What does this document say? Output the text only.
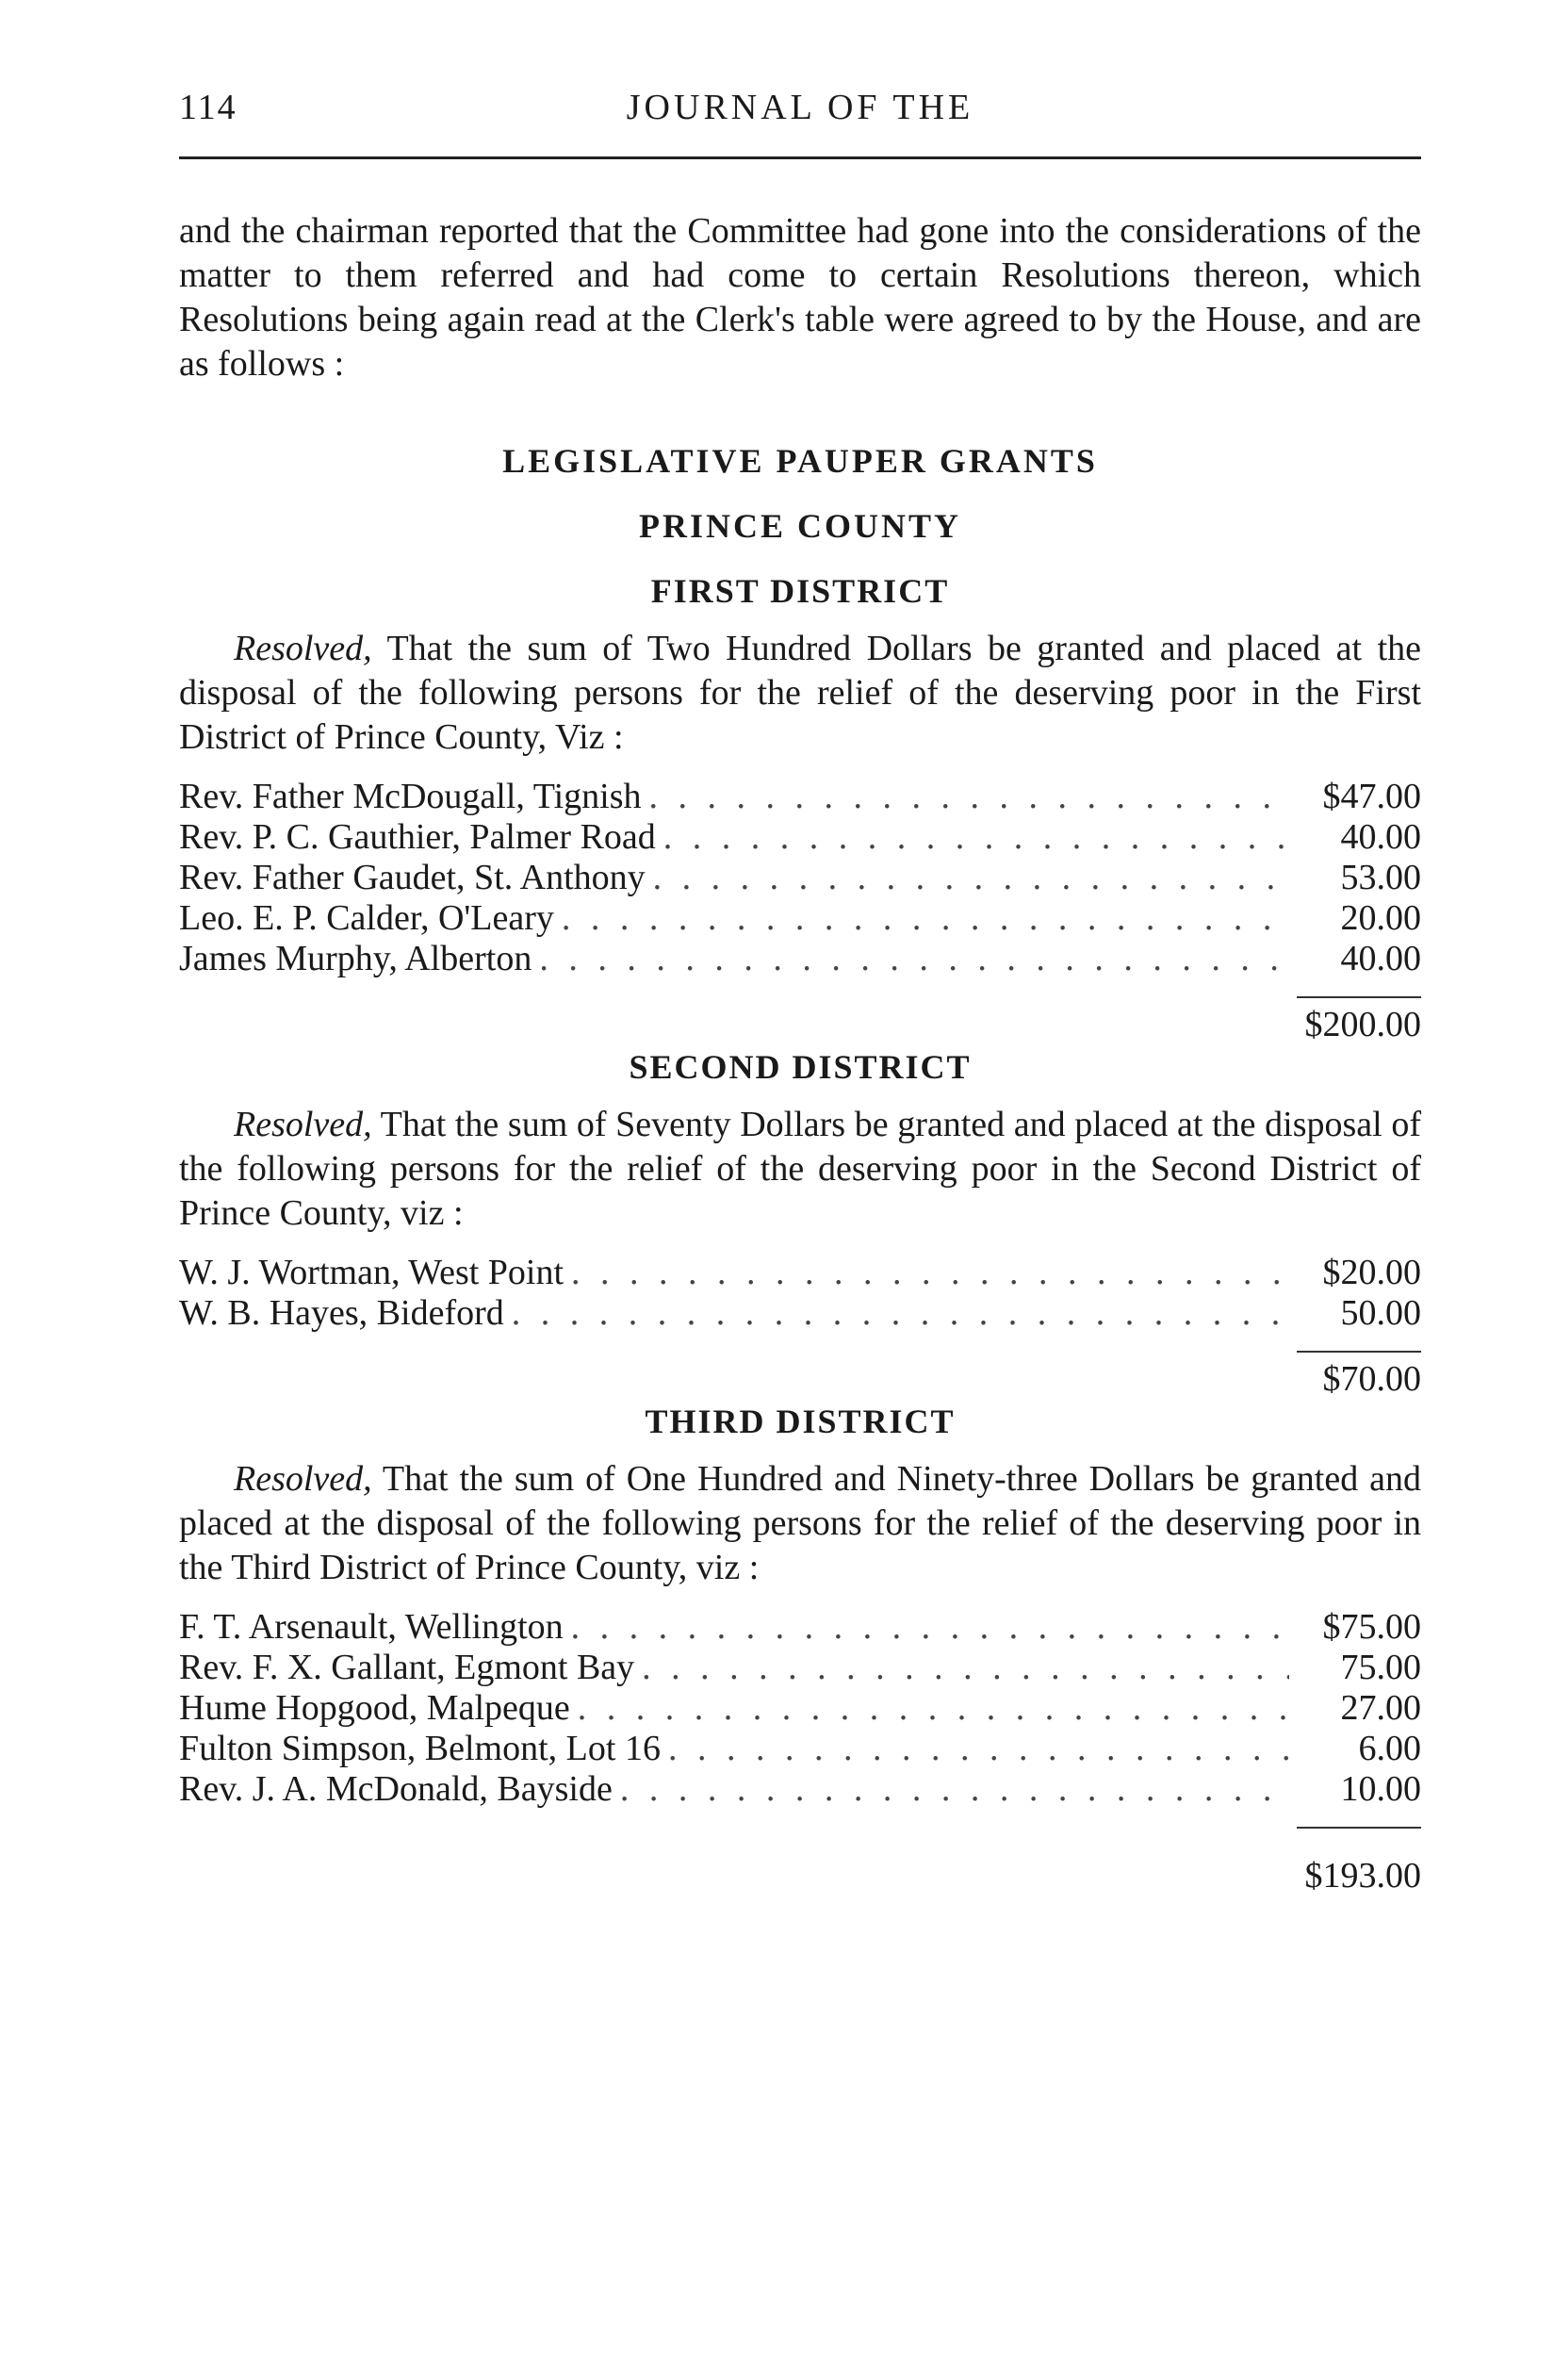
114	JOURNAL OF THE

and the chairman reported that the Committee had gone into the considerations of the matter to them referred and had come to certain Resolutions thereon, which Resolutions being again read at the Clerk's table were agreed to by the House, and are as follows :

LEGISLATIVE PAUPER GRANTS
PRINCE COUNTY
FIRST DISTRICT

Resolved, That the sum of Two Hundred Dollars be granted and placed at the disposal of the following persons for the relief of the deserving poor in the First District of Prince County, Viz :

Rev. Father McDougall, Tignish . . .	$47.00
Rev. P. C. Gauthier, Palmer Road . . .	40.00
Rev. Father Gaudet, St. Anthony . . .	53.00
Leo. E. P. Calder, O'Leary . . .	20.00
James Murphy, Alberton . . .	40.00
$200.00
SECOND DISTRICT

Resolved, That the sum of Seventy Dollars be granted and placed at the disposal of the following persons for the relief of the deserving poor in the Second District of Prince County, viz :

W. J. Wortman, West Point . . .	$20.00
W. B. Hayes, Bideford . . .	50.00
$70.00
THIRD DISTRICT

Resolved, That the sum of One Hundred and Ninety-three Dollars be granted and placed at the disposal of the following persons for the relief of the deserving poor in the Third District of Prince County, viz :

F. T. Arsenault, Wellington . . .	$75.00
Rev. F. X. Gallant, Egmont Bay . . .	75.00
Hume Hopgood, Malpeque . . .	27.00
Fulton Simpson, Belmont, Lot 16 . . .	6.00
Rev. J. A. McDonald, Bayside . . .	10.00
$193.00
